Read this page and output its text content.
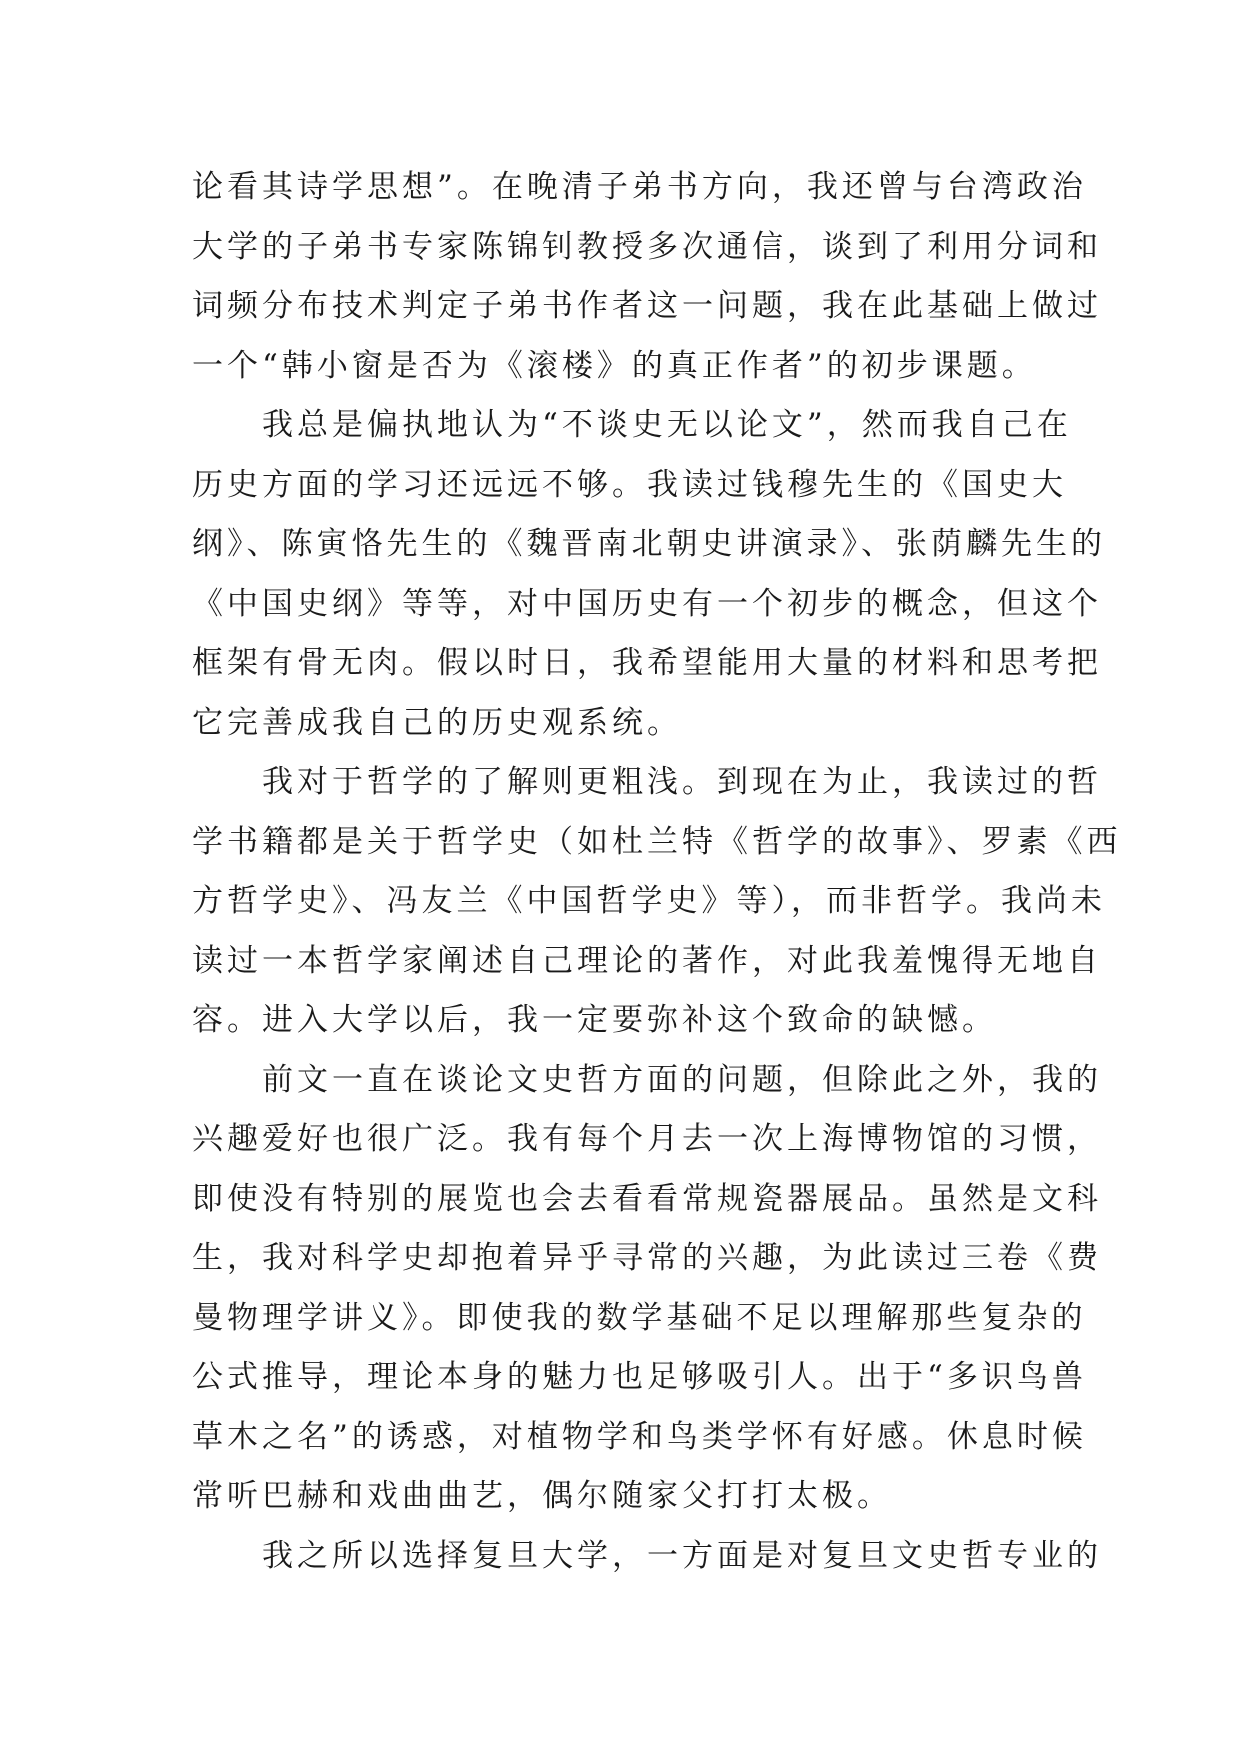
论看其诗学思想”。在晚清子弟书方向，我还曾与台湾政治
大学的子弟书专家陈锦钊教授多次通信，谈到了利用分词和
词频分布技术判定子弟书作者这一问题，我在此基础上做过
一个“韩小窗是否为《滚楼》的真正作者”的初步课题。
我总是偏执地认为“不谈史无以论文”，然而我自己在
历史方面的学习还远远不够。我读过钱穆先生的《国史大
纲》、陈寅恪先生的《魏晋南北朝史讲演录》、张荫麟先生的
《中国史纲》等等，对中国历史有一个初步的概念，但这个
框架有骨无肉。假以时日，我希望能用大量的材料和思考把
它完善成我自己的历史观系统。
我对于哲学的了解则更粗浅。到现在为止，我读过的哲
学书籍都是关于哲学史（如杜兰特《哲学的故事》、罗素《西
方哲学史》、冯友兰《中国哲学史》等），而非哲学。我尚未
读过一本哲学家阐述自己理论的著作，对此我羞愧得无地自
容。进入大学以后，我一定要弥补这个致命的缺憾。
前文一直在谈论文史哲方面的问题，但除此之外，我的
兴趣爱好也很广泛。我有每个月去一次上海博物馆的习惯，
即使没有特别的展览也会去看看常规瓷器展品。虽然是文科
生，我对科学史却抱着异乎寻常的兴趣，为此读过三卷《费
曼物理学讲义》。即使我的数学基础不足以理解那些复杂的
公式推导，理论本身的魅力也足够吸引人。出于“多识鸟兽
草木之名”的诱惑，对植物学和鸟类学怀有好感。休息时候
常听巴赫和戏曲曲艺，偶尔随家父打打太极。
我之所以选择复旦大学，一方面是对复旦文史哲专业的
